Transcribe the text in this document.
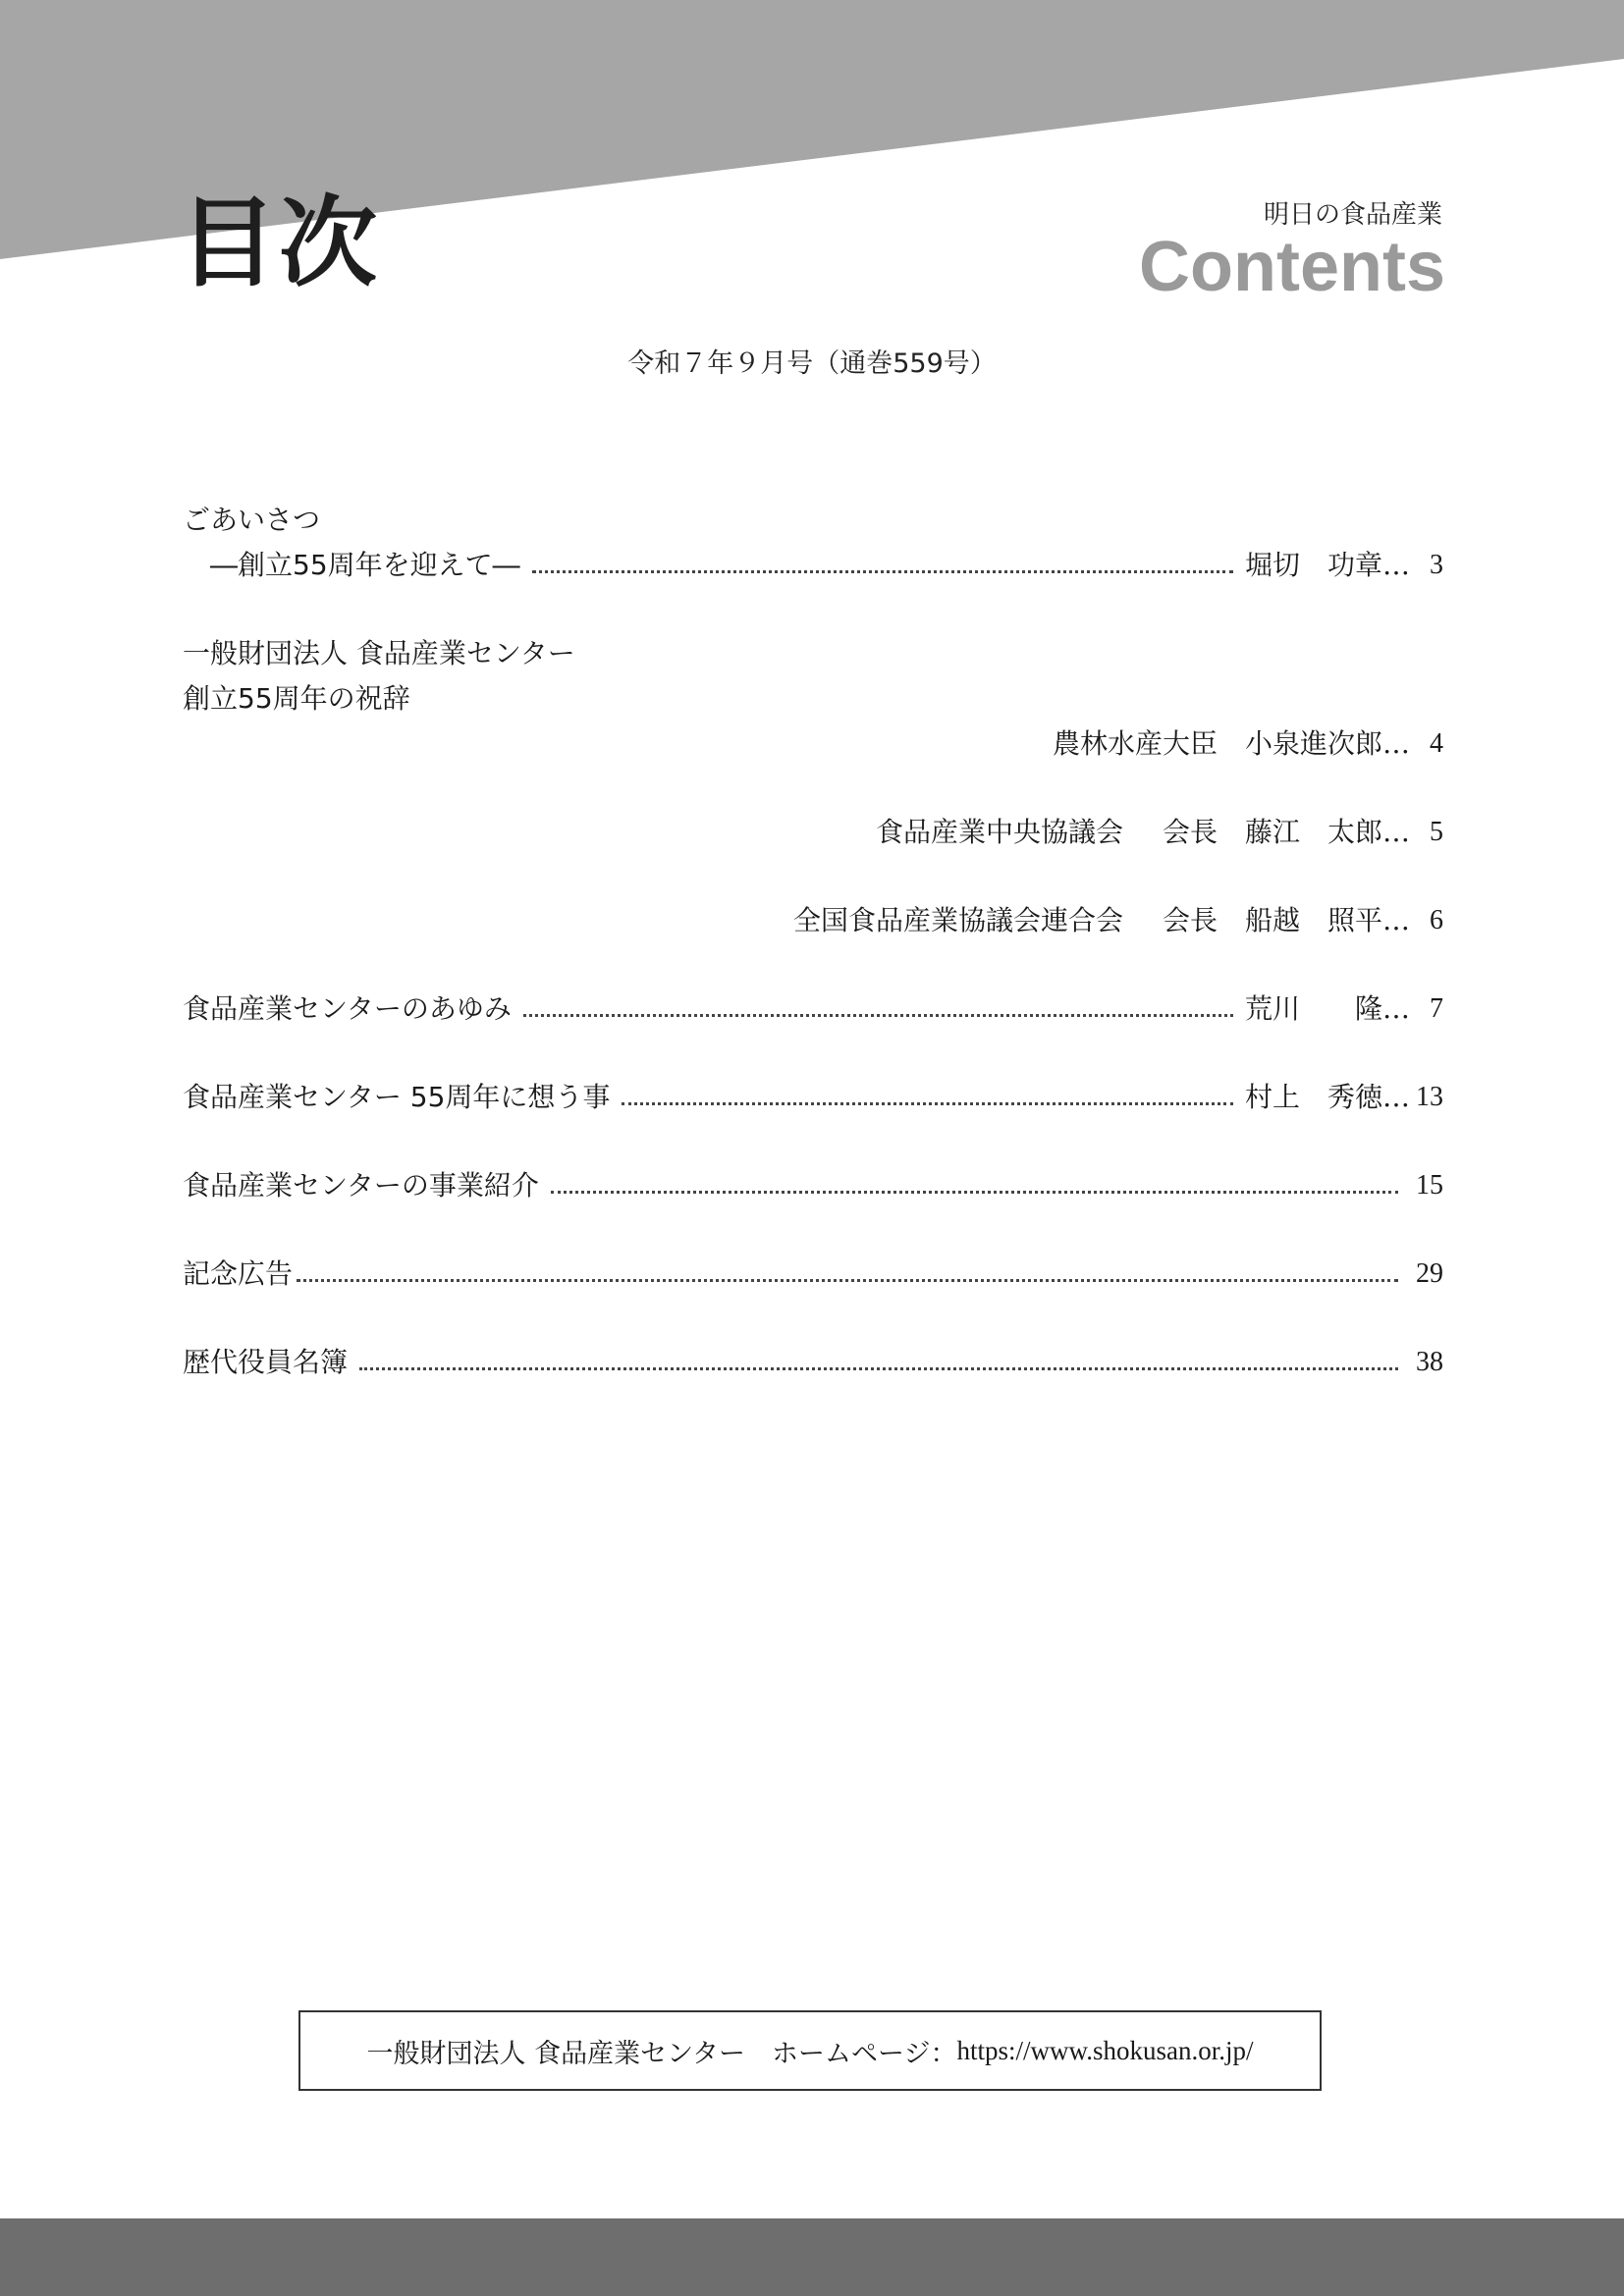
目次	明日の食品産業
Contents
令和７年９月号（通巻559号）
ごあいさつ
―創立55周年を迎えて―	堀切　功章… 3
一般財団法人 食品産業センター
創立55周年の祝辞
農林水産大臣 小泉進次郎… 4
食品産業中央協議会 会長 藤江　太郎… 5
全国食品産業協議会連合会 会長 船越　照平… 6
食品産業センターのあゆみ	荒川　　隆… 7
食品産業センター 55周年に想う事	村上　秀徳… 13
食品産業センターの事業紹介	15
記念広告	29
歴代役員名簿	38
一般財団法人 食品産業センター　ホームページ： https://www.shokusan.or.jp/
